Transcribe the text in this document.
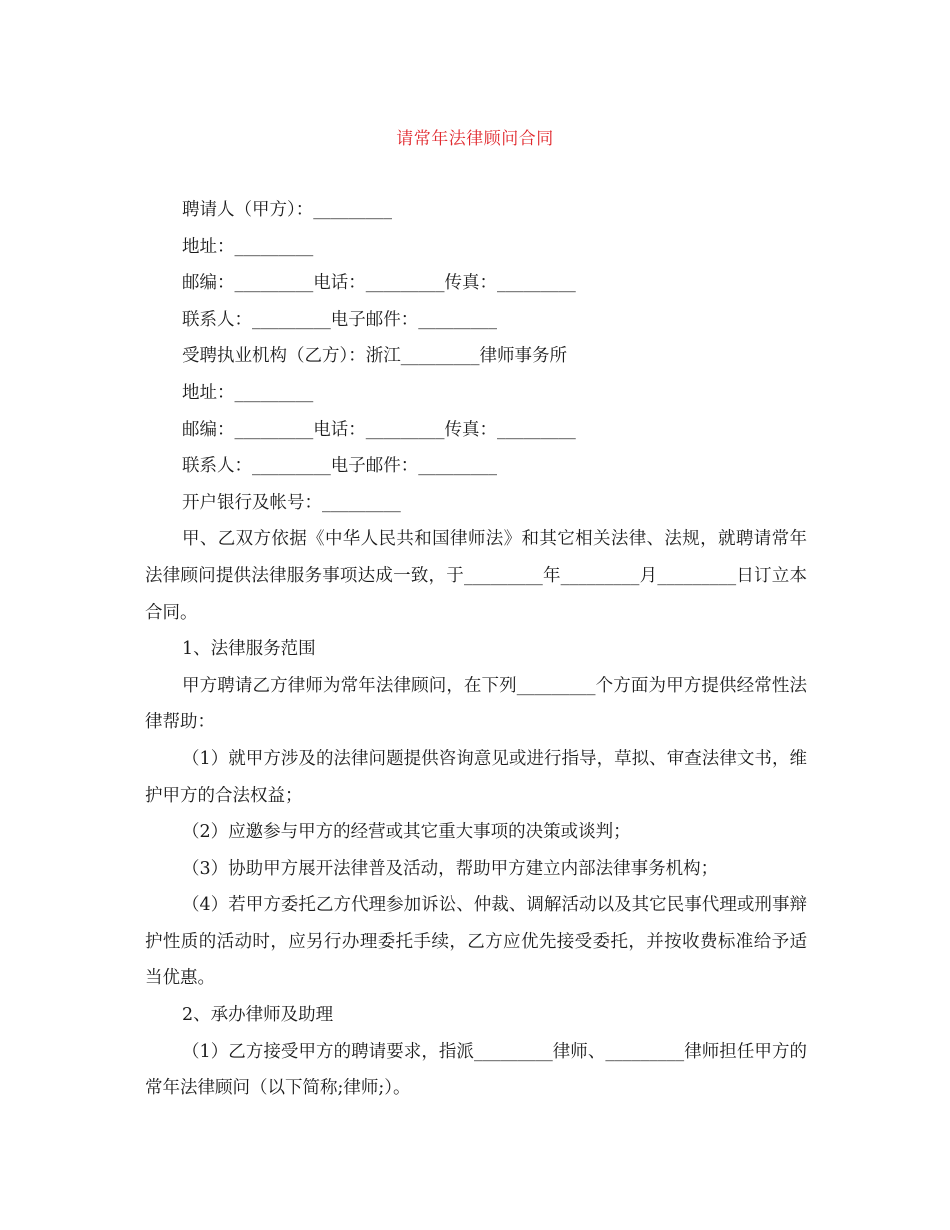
请常年法律顾问合同
聘请人（甲方）：_________
地址：_________
邮编：_________电话：_________传真：_________
联系人：_________电子邮件：_________
受聘执业机构（乙方）：浙江_________律师事务所
地址：_________
邮编：_________电话：_________传真：_________
联系人：_________电子邮件：_________
开户银行及帐号：_________
甲、乙双方依据《中华人民共和国律师法》和其它相关法律、法规，就聘请常年法律顾问提供法律服务事项达成一致，于_________年_________月_________日订立本合同。
1、法律服务范围
甲方聘请乙方律师为常年法律顾问，在下列_________个方面为甲方提供经常性法律帮助：
（1）就甲方涉及的法律问题提供咨询意见或进行指导，草拟、审查法律文书，维护甲方的合法权益；
（2）应邀参与甲方的经营或其它重大事项的决策或谈判；
（3）协助甲方展开法律普及活动，帮助甲方建立内部法律事务机构；
（4）若甲方委托乙方代理参加诉讼、仲裁、调解活动以及其它民事代理或刑事辩护性质的活动时，应另行办理委托手续，乙方应优先接受委托，并按收费标准给予适当优惠。
2、承办律师及助理
（1）乙方接受甲方的聘请要求，指派_________律师、_________律师担任甲方的常年法律顾问（以下简称;律师;）。
